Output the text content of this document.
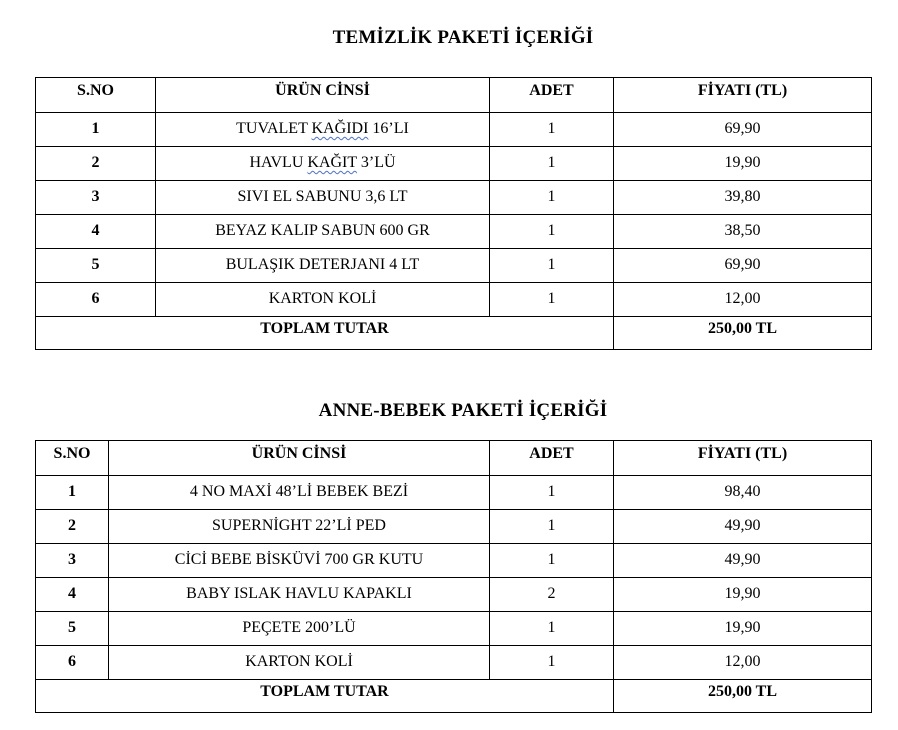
TEMİZLİK PAKETİ İÇERİĞİ
S.NO	ÜRÜN CİNSİ	ADET	FİYATI (TL)
1	TUVALET KAĞIDI 16’LI	1	69,90
2	HAVLU KAĞIT 3’LÜ	1	19,90
3	SIVI EL SABUNU 3,6 LT	1	39,80
4	BEYAZ KALIP SABUN 600 GR	1	38,50
5	BULAŞIK DETERJANI 4 LT	1	69,90
6	KARTON KOLİ	1	12,00
TOPLAM TUTAR			250,00 TL
ANNE-BEBEK PAKETİ İÇERİĞİ
S.NO	ÜRÜN CİNSİ	ADET	FİYATI (TL)
1	4 NO MAXİ 48’Lİ BEBEK BEZİ	1	98,40
2	SUPERNİGHT 22’Lİ PED	1	49,90
3	CİCİ BEBE BİSKÜVİ 700 GR KUTU	1	49,90
4	BABY ISLAK HAVLU KAPAKLI	2	19,90
5	PEÇETE 200’LÜ	1	19,90
6	KARTON KOLİ	1	12,00
TOPLAM TUTAR			250,00 TL
